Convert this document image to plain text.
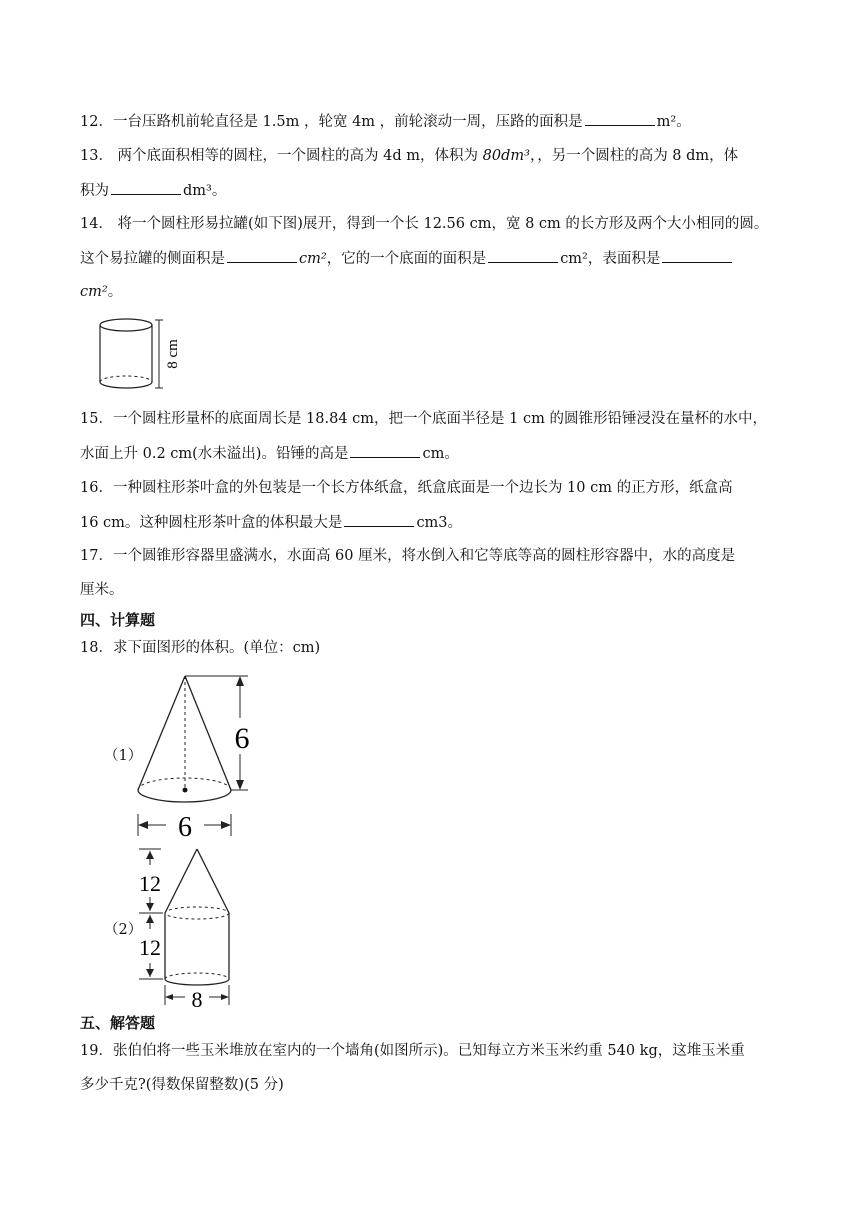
12．一台压路机前轮直径是 1.5m ，轮宽 4m ，前轮滚动一周，压路的面积是	m²。
13． 两个底面积相等的圆柱，一个圆柱的高为 4d m，体积为 80dm³，，另一个圆柱的高为 8 dm，体
积为	dm³。
14． 将一个圆柱形易拉罐(如下图)展开，得到一个长 12.56 cm，宽 8 cm 的长方形及两个大小相同的圆。
这个易拉罐的侧面积是	cm²，它的一个底面的面积是	cm²，表面积是
cm²。
8 cm
15．一个圆柱形量杯的底面周长是 18.84 cm，把一个底面半径是 1 cm 的圆锥形铅锤浸没在量杯的水中，
水面上升 0.2 cm(水未溢出)。铅锤的高是	cm。
16．一种圆柱形茶叶盒的外包装是一个长方体纸盒，纸盒底面是一个边长为 10 cm 的正方形，纸盒高
16 cm。这种圆柱形茶叶盒的体积最大是	cm3。
17．一个圆锥形容器里盛满水，水面高 60 厘米，将水倒入和它等底等高的圆柱形容器中，水的高度是
厘米。
四、计算题
18．求下面图形的体积。(单位：cm)
（1）
6
6
（2）
12
12
8
五、解答题
19．张伯伯将一些玉米堆放在室内的一个墙角(如图所示)。已知每立方米玉米约重 540 kg，这堆玉米重
多少千克?(得数保留整数)(5 分)
